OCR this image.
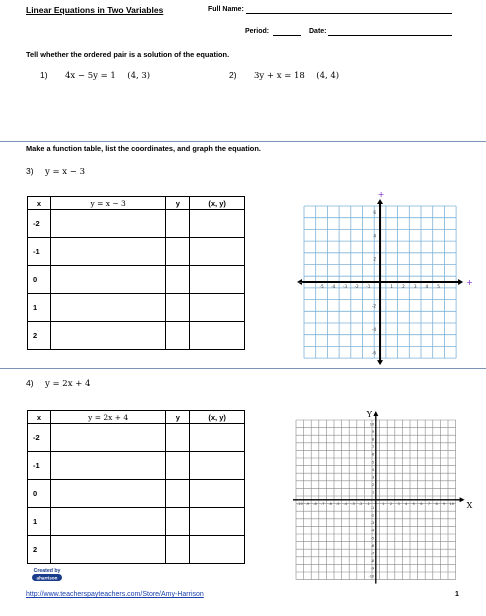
Linear Equations in Two Variables	Full Name:
Period:	Date:
Tell whether the ordered pair is a solution of the equation.
1) 4x − 5y = 1 (4, 3)	2) 3y + x = 18 (4, 4)
Make a function table, list the coordinates, and graph the equation.
3) y = x − 3
x	y = x − 3	y	(x, y)
-2			
-1			
0			
1			
2			
+
+
−
−
6
4
2
-2
-4
-6
-5 -4 -3 -2 -1	1 2 3 4 5
4) y = 2x + 4
x	y = 2x + 4	y	(x, y)
-2			
-1			
0			
1			
2			
Y
X
10
9
8
7
6
5
4
3
2
1
-1
-2
-3
-4
-5
-6
-7
-8
-9
-10
-10 -9 -8 -7 -6 -5 -4 -3 -2 -1 0 1 2 3 4 5 6 7 8 9 10
Created by
aharrison
http://www.teacherspayteachers.com/Store/Amy-Harrison	1
